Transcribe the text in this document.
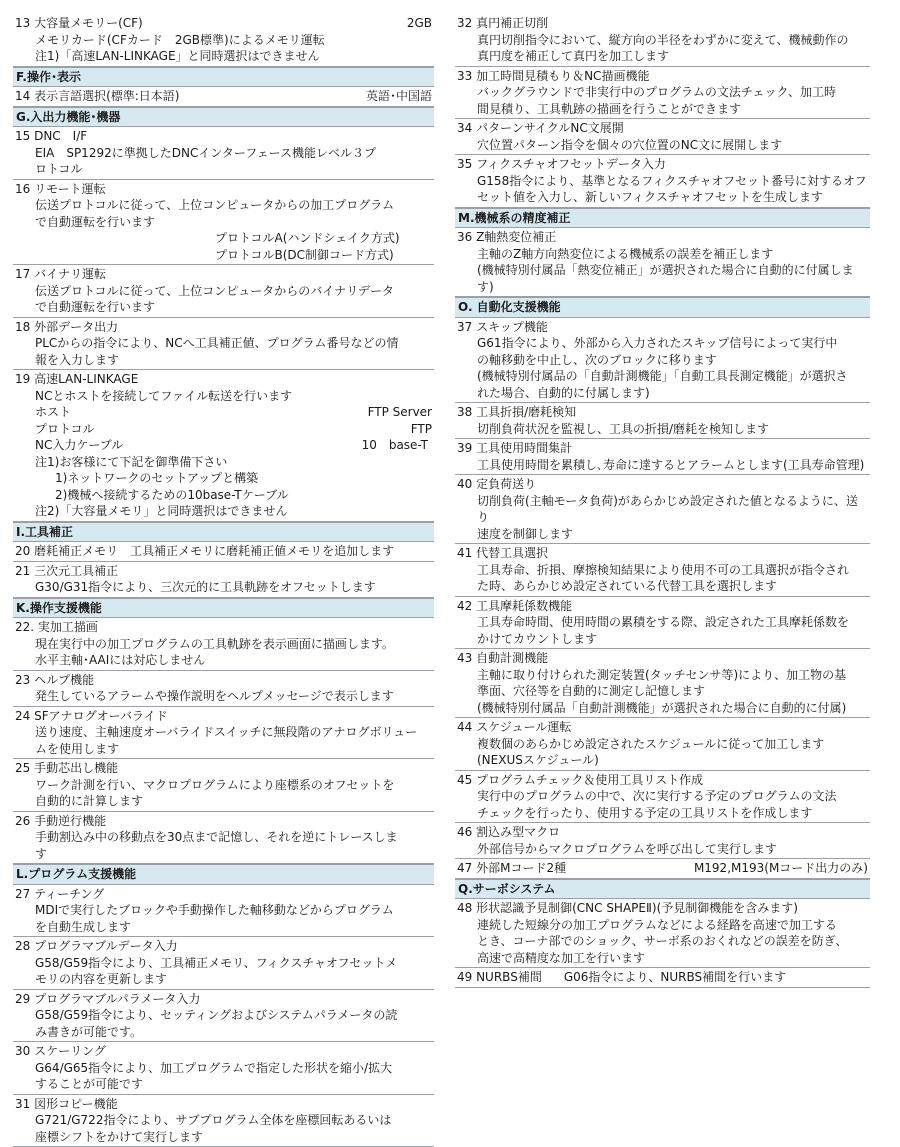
13 大容量メモリー(CF)	2GB
メモリカード(CFカード　2GB標準)によるメモリ運転
注1)「高速LAN-LINKAGE」と同時選択はできません
F.操作･表示
14 表示言語選択(標準:日本語)	英語･中国語
G.入出力機能･機器
15 DNC　I/F
EIA　SP1292に準拠したDNCインターフェース機能レベル３プ
ロトコル
16 リモート運転
伝送プロトコルに従って、上位コンピュータからの加工プログラム
で自動運転を行います
プロトコルA(ハンドシェイク方式)
プロトコルB(DC制御コード方式)
17 バイナリ運転
伝送プロトコルに従って、上位コンピュータからのバイナリデータ
で自動運転を行います
18 外部データ出力
PLCからの指令により、NCへ工具補正値、プログラム番号などの情
報を入力します
19 高速LAN-LINKAGE
NCとホストを接続してファイル転送を行います
ホスト	FTP Server
プロトコル	FTP
NC入力ケーブル	10　base-T
注1)お客様にて下記を御準備下さい
1)ネットワークのセットアップと構築
2)機械へ接続するための10base-Tケーブル
注2)「大容量メモリ」と同時選択はできません
I.工具補正
20 磨耗補正メモリ　工具補正メモリに磨耗補正値メモリを追加します
21 三次元工具補正
G30/G31指令により、三次元的に工具軌跡をオフセットします
K.操作支援機能
22. 実加工描画
現在実行中の加工プログラムの工具軌跡を表示画面に描画します。
水平主軸･AAIには対応しません
23 ヘルプ機能
発生しているアラームや操作説明をヘルプメッセージで表示します
24 SFアナログオーバライド
送り速度、主軸速度オーバライドスイッチに無段階のアナログボリュー
ムを使用します
25 手動芯出し機能
ワーク計測を行い、マクロプログラムにより座標系のオフセットを
自動的に計算します
26 手動逆行機能
手動割込み中の移動点を30点まで記憶し、それを逆にトレースしま
す
L.プログラム支援機能
27 ティーチング
MDIで実行したブロックや手動操作した軸移動などからプログラム
を自動生成します
28 プログラマブルデータ入力
G58/G59指令により、工具補正メモリ、フィクスチャオフセットメ
モリの内容を更新します
29 プログラマブルパラメータ入力
G58/G59指令により、セッティングおよびシステムパラメータの読
み書きが可能です。
30 スケーリング
G64/G65指令により、加工プログラムで指定した形状を縮小/拡大
することが可能です
31 図形コピー機能
G721/G722指令により、サブプログラム全体を座標回転あるいは
座標シフトをかけて実行します
32 真円補正切削
真円切削指令において、縦方向の半径をわずかに変えて、機械動作の
真円度を補正して真円を加工します
33 加工時間見積もり＆NC描画機能
バックグラウンドで非実行中のプログラムの文法チェック、加工時
間見積り、工具軌跡の描画を行うことができます
34 パターンサイクルNC文展開
穴位置パターン指令を個々の穴位置のNC文に展開します
35 フィクスチャオフセットデータ入力
G158指令により、基準となるフィクスチャオフセット番号に対するオフ
セット値を入力し、新しいフィクスチャオフセットを生成します
M.機械系の精度補正
36 Z軸熱変位補正
主軸のZ軸方向熱変位による機械系の誤差を補正します
(機械特別付属品「熱変位補正」が選択された場合に自動的に付属します)
O. 自動化支援機能
37 スキップ機能
G61指令により、外部から入力されたスキップ信号によって実行中
の軸移動を中止し、次のブロックに移ります
(機械特別付属品の「自動計測機能」「自動工具長測定機能」が選択さ
れた場合、自動的に付属します)
38 工具折損/磨耗検知
切削負荷状況を監視し、工具の折損/磨耗を検知します
39 工具使用時間集計
工具使用時間を累積し､寿命に達するとアラームとします(工具寿命管理)
40 定負荷送り
切削負荷(主軸モータ負荷)があらかじめ設定された値となるように、送り
速度を制御します
41 代替工具選択
工具寿命、折損、摩擦検知結果により使用不可の工具選択が指令され
た時、あらかじめ設定されている代替工具を選択します
42 工具摩耗係数機能
工具寿命時間、使用時間の累積をする際、設定された工具摩耗係数を
かけてカウントします
43 自動計測機能
主軸に取り付けられた測定装置(タッチセンサ等)により、加工物の基
準面、穴径等を自動的に測定し記憶します
(機械特別付属品「自動計測機能」が選択された場合に自動的に付属)
44 スケジュール運転
複数個のあらかじめ設定されたスケジュールに従って加工します
(NEXUSスケジュール)
45 プログラムチェック＆使用工具リスト作成
実行中のプログラムの中で、次に実行する予定のプログラムの文法
チェックを行ったり、使用する予定の工具リストを作成します
46 割込み型マクロ
外部信号からマクロプログラムを呼び出して実行します
47 外部Mコード2種	M192,M193(Mコード出力のみ)
Q.サーボシステム
48 形状認識予見制御(CNC SHAPEⅡ)(予見制御機能を含みます)
連続した短線分の加工プログラムなどによる経路を高速で加工する
とき、コーナ部でのショック、サーボ系のおくれなどの誤差を防ぎ、
高速で高精度な加工を行います
49 NURBS補間 G06指令により、NURBS補間を行います
